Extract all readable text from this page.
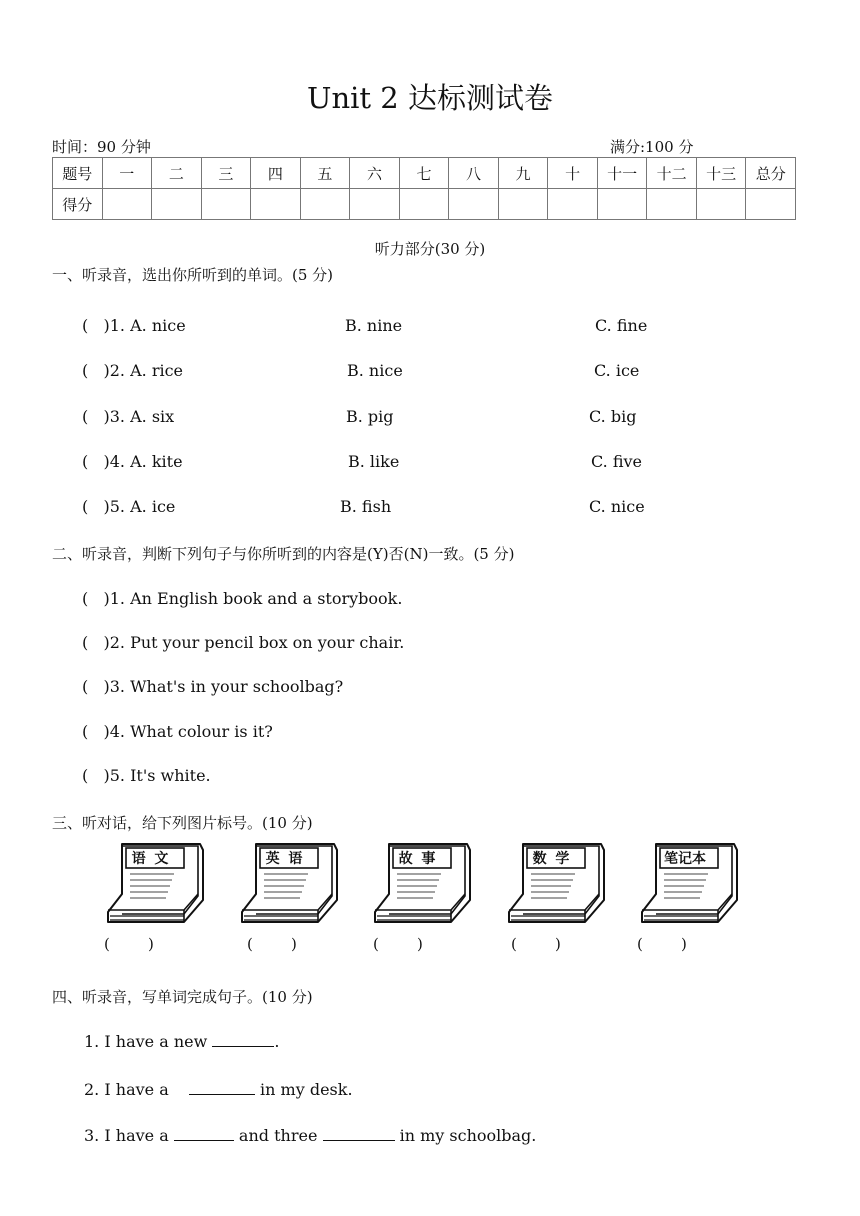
Unit 2 达标测试卷
时间：90 分钟	满分:100 分
题号	一	二	三	四	五	六	七	八	九	十	十一	十二	十三	总分
得分														
听力部分(30 分)
一、听录音，选出你所听到的单词。(5 分)
(   )1. A. nice	B. nine	C. fine
(   )2. A. rice	B. nice	C. ice
(   )3. A. six	B. pig	C. big
(   )4. A. kite	B. like	C. five
(   )5. A. ice	B. fish	C. nice
二、听录音，判断下列句子与你所听到的内容是(Y)否(N)一致。(5 分)
(   )1. An English book and a storybook.
(   )2. Put your pencil box on your chair.
(   )3. What's in your schoolbag?
(   )4. What colour is it?
(   )5. It's white.
三、听对话，给下列图片标号。(10 分)
语 文	英 语	故 事	数 学	笔记本
(        )	(        )	(        )	(        )	(        )
四、听录音，写单词完成句子。(10 分)
1. I have a new	.
2. I have a	in my desk.
3. I have a	and three	in my schoolbag.
